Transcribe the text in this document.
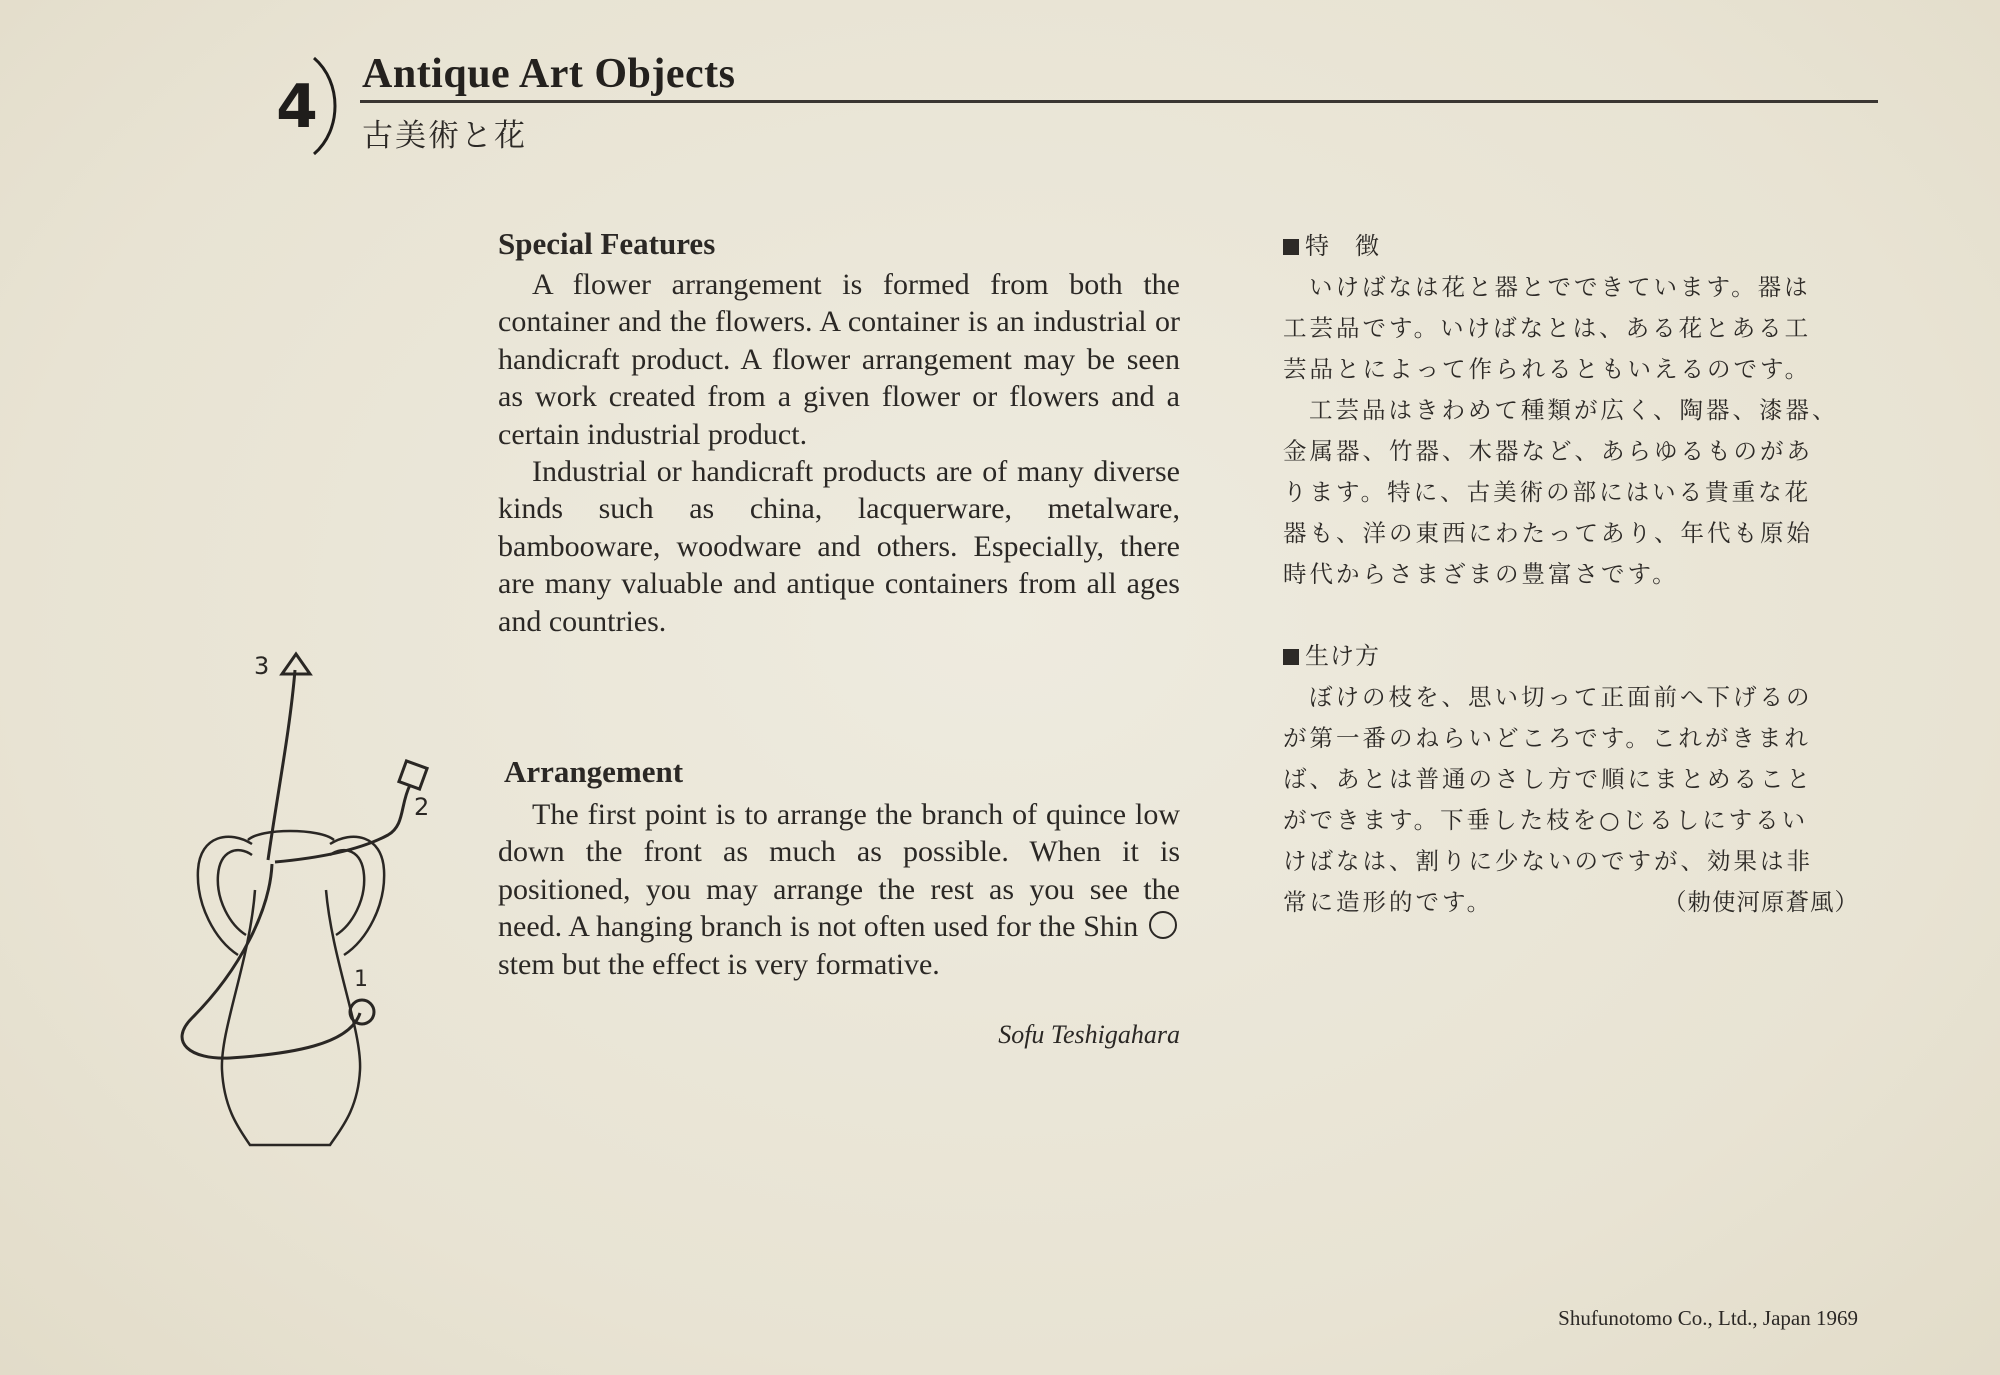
4	Antique Art Objects
古美術と花
Special Features

A flower arrangement is formed from both the container and the flowers. A container is an industrial or handicraft product. A flower arrangement may be seen as work created from a given flower or flowers and a certain industrial product.

Industrial or handicraft products are of many diverse kinds such as china, lacquerware, metalware, bambooware, woodware and others. Especially, there are many valuable and antique containers from all ages and countries.

Arrangement

The first point is to arrange the branch of quince low down the front as much as possible. When it is positioned, you may arrange the rest as you see the need. A hanging branch is not often used for the Shin  stem but the effect is very formative.

Sofu Teshigahara
特　徴
いけばなは花と器とでできています。器は
工芸品です。いけばなとは、ある花とある工
芸品とによって作られるともいえるのです。
工芸品はきわめて種類が広く、陶器、漆器、
金属器、竹器、木器など、あらゆるものがあ
ります。特に、古美術の部にはいる貴重な花
器も、洋の東西にわたってあり、年代も原始
時代からさまざまの豊富さです。
生け方
ぼけの枝を、思い切って正面前へ下げるの
が第一番のねらいどころです。これがきまれ
ば、あとは普通のさし方で順にまとめること
ができます。下垂した枝を○じるしにするい
けばなは、割りに少ないのですが、効果は非
常に造形的です。	（勅使河原蒼風）
3
2
1
Shufunotomo Co., Ltd., Japan 1969
